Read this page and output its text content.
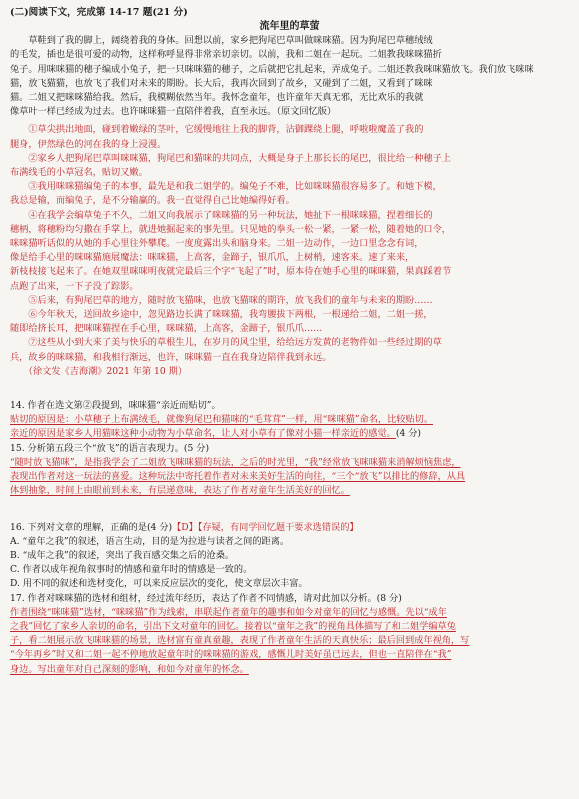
(二)阅读下文，完成第 14-17 题(21 分)
流年里的草萤
　　草鞋到了我的脚上，阔绕着我的身体。回想以前，家乡把狗尾巴草叫做咪咪猫。因为狗尾巴草穗绒绒
的毛发，插也是很可爱的动物，这样称呼显得非常亲切亲切。以前，我和二姐在一起玩。二姐教我咪咪猫折
兔子。用咪咪猫的穗子编成小兔子，把一只咪咪猫的穗子，之后就把它扎起来，弄成兔子。二姐还教我咪咪猫放飞。我们放飞咪咪
猫，放飞猫猫，也放飞了我们对未来的期盼。长大后，我再次回到了故乡，又碰到了二姐，又看到了咪咪
猫。二姐又把咪咪猫给我。然后，我模糊依然当年。我怀念童年，也许童年天真无邪，无比欢乐的我就
像草叶一样已经成为过去。也许咪咪猫一直陪伴着我，直至永远。（原文回忆版）
　　①草尖拱出地面，碰到着嫩绿的茎叶，它缓慢地往上我的脚背，沾御踝绕上腿，呼啦啦魔盖了我的
腿身，伊然绿色的河在我的身上浸漫。
　　②家乡人把狗尾巴草叫咪咪猫，狗尾巴和猫咪的共同点，大概是身子上那长长的尾巴，很比给一种穗子上
布满线毛的小草冠名，贴切又嫩。
　　③我用咪咪猫编兔子的本事，最先是和我二姐学的。编兔子不难，比如咪咪猫很容易多了。和她下模，
我总是输，而编兔子，是不分输赢的。我一直觉得自己比她编得好看。
　　④在我学会编草兔子不久，二姐又向我展示了咪咪猫的另一种玩法，她扯下一根咪咪猫，捏着细长的
穗柄，将穗粉均匀撒在手掌上，就进她掘起来的事先里。只见她的拳头一松一紧，一紧一松，随着她的口令，
咪咪猫听话似的从她的手心里往外攀爬。一度度露出头和脑身来。二姐一边动作，一边口里念念有词，
像是给手心里的咪咪猫施展魔法：咪咪猫，上高客，金蹄子，银爪爪，上树梢，速客来。速了来来，
新枝枝接飞起来了。在她双里咪咪明夜就完最后三个字“飞起了”时，原本待在她手心里的咪咪猫，果真踩着节
点跑了出来，一下子没了踪影。
　　⑤后来，有狗尾巴草的地方，随时放飞猫咪，也放飞猫咪的期许，放飞我们的童年与未来的期盼……
　　⑥今年秋天，送回故乡途中，忽见路边长满了咪咪猫，我弯腰拔下两根，一根递给二姐，二姐一搓，
随即给挤长耳，把咪咪猫捏在手心里，咪咪猫，上高客，金蹄子，银爪爪……
　　⑦这些从小到大来了美与快乐的草根生儿，在岁月的风尘里，给给远方发黄的老物件如一些经过期的草
兵，故乡的咪咪猫，和我相行渐远，也许，咪咪猫一直在我身边陪伴我到永远。
　　（徐文发《吉海潮》2021 年第 10 期）
14. 作者在选文第②段提到，咪咪猫“亲近而贴切”。
贴切的原因是：小草穗子上布满绒毛，就像狗尾巴和猫咪的“毛茸茸”一样，用“咪咪猫”命名，比较贴切。
亲近的原因是家乡人用猫咪这种小动物为小草命名，让人对小草有了像对小猫一样亲近的感觉。(4 分)
15. 分析第五段三个“放飞”的语言表现力。(5 分)
“随时放飞猫咪”，是指我学会了二姐放飞咪咪猫的玩法，之后的时光里，“我”经常放飞咪咪猫来消解烦恼焦虑，
表现出作者对这一玩法的喜爱。这种玩法中寄托着作者对未来美好生活的向往，“三个“放飞”以排比的修辞，从具
体到抽象，时间上由眼前到未来，有层递意味，表达了作者对童年生活美好的回忆。
16. 下列对文章的理解，正确的是(4 分)【D】【存疑，有同学回忆题干要求选错误的】
A. “童年之我”的叙述，语言生动，目的是为拉进与读者之间的距离。
B. “成年之我”的叙述，突出了我百感交集之后的沧桑。
C. 作者以成年视角叙事时的情感和童年时的情感是一致的。
D. 用不同的叙述和选材变化，可以来反应层次的变化，使文章层次丰富。
17. 作者对咪咪猫的选材和组材，经过流年经历，表达了作者不同情感，请对此加以分析。(8 分)
作者围绕“咪咪猫”选材，“咪咪猫”作为线索，串联起作者童年的趣事和如今对童年的回忆与感慨。先以“成年
之我”回忆了家乡人亲切的命名，引出下文对童年的回忆。接着以“童年之我”的视角具体描写了和二姐学编草兔
子，看二姐展示放飞咪咪猫的场景，选材富有童真童趣，表现了作者童年生活的天真快乐；最后回到成年视角，写
“今年再乡”时又和二姐一起不停地放起童年时的咪咪猫的游戏，感慨儿时美好虽已远去，但也一直陪伴在“我”
身边。写出童年对自己深刻的影响，和如今对童年的怀念。
